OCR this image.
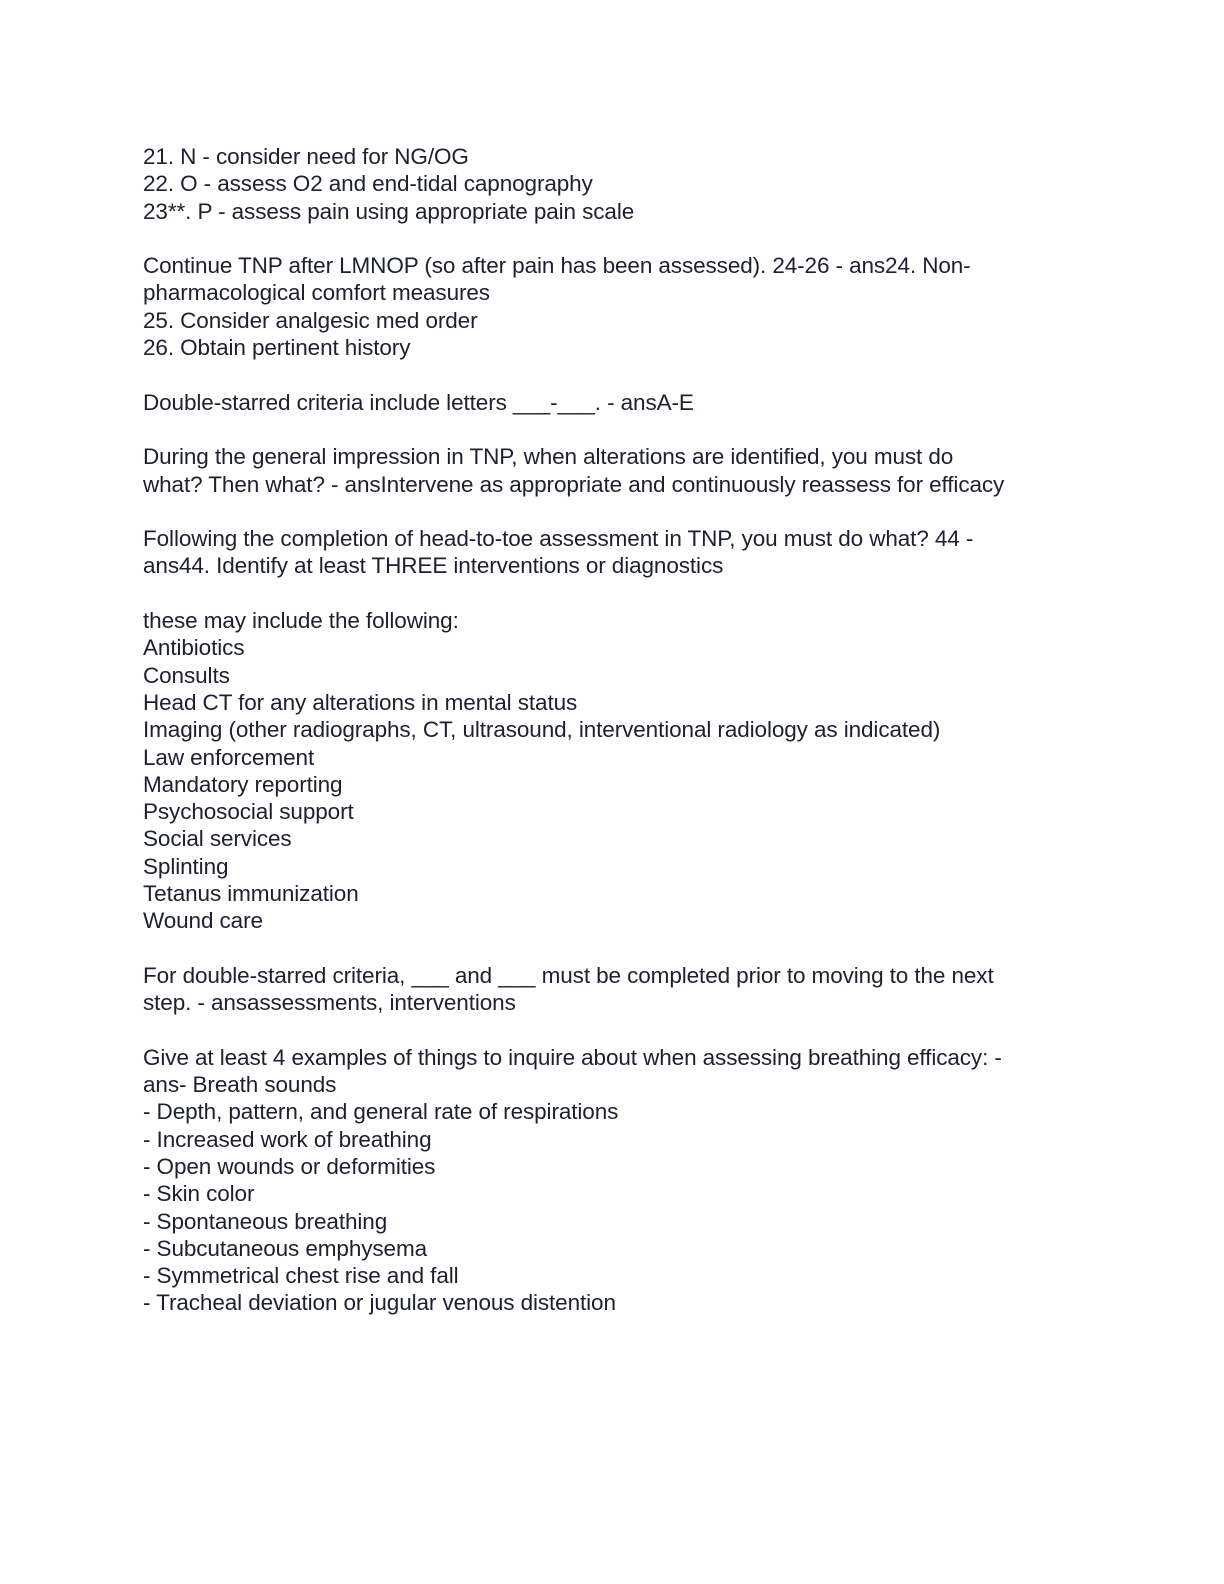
21. N - consider need for NG/OG
22. O - assess O2 and end-tidal capnography
23**. P - assess pain using appropriate pain scale
Continue TNP after LMNOP (so after pain has been assessed). 24-26 - ans24. Non-
pharmacological comfort measures
25. Consider analgesic med order
26. Obtain pertinent history
Double-starred criteria include letters ___-___. - ansA-E
During the general impression in TNP, when alterations are identified, you must do
what? Then what? - ansIntervene as appropriate and continuously reassess for efficacy
Following the completion of head-to-toe assessment in TNP, you must do what? 44 -
ans44. Identify at least THREE interventions or diagnostics
these may include the following:
Antibiotics
Consults
Head CT for any alterations in mental status
Imaging (other radiographs, CT, ultrasound, interventional radiology as indicated)
Law enforcement
Mandatory reporting
Psychosocial support
Social services
Splinting
Tetanus immunization
Wound care
For double-starred criteria, ___ and ___ must be completed prior to moving to the next
step. - ansassessments, interventions
Give at least 4 examples of things to inquire about when assessing breathing efficacy: -
ans- Breath sounds
- Depth, pattern, and general rate of respirations
- Increased work of breathing
- Open wounds or deformities
- Skin color
- Spontaneous breathing
- Subcutaneous emphysema
- Symmetrical chest rise and fall
- Tracheal deviation or jugular venous distention
